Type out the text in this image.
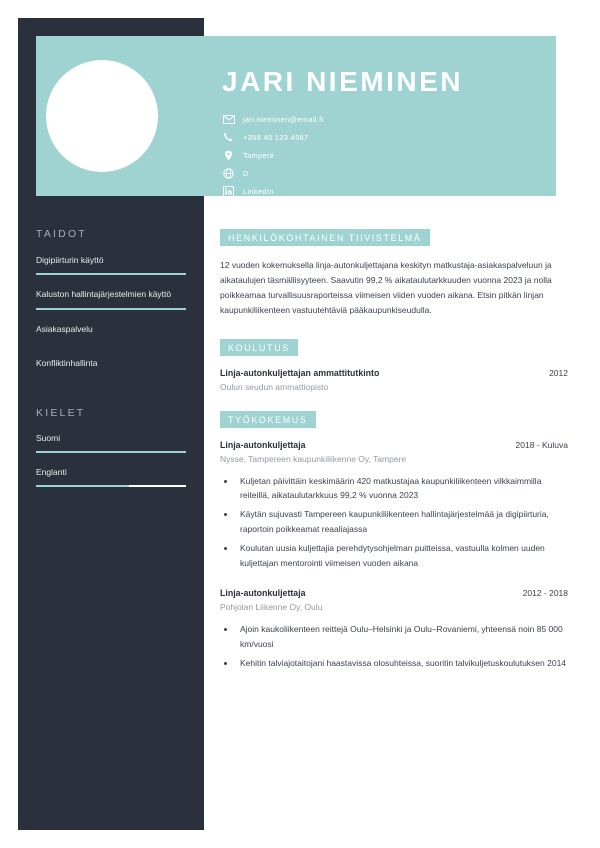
JARI NIEMINEN
jari.nieminen@email.fi
+358 40 123 4567
Tampere
D
LinkedIn
TAIDOT
Digipiirturin käyttö
Kaluston hallintajärjestelmien käyttö
Asiakaspalvelu
Konfliktinhallinta
KIELET
Suomi
Englanti
HENKILÖKOHTAINEN TIIVISTELMÄ
12 vuoden kokemuksella linja-autonkuljettajana keskityn matkustaja-asiakaspalveluun ja aikataulujen täsmällisyyteen. Saavutin 99,2 % aikataulutarkkuuden vuonna 2023 ja nolla poikkeamaa turvallisuusraporteissa viimeisen viiden vuoden aikana. Etsin pitkän linjan kaupunkiliikenteen vastuutehtäviä pääkaupunkiseudulla.
KOULUTUS
Linja-autonkuljettajan ammattitutkinto	2012
Oulun seudun ammattiopisto
TYÖKOKEMUS
Linja-autonkuljettaja	2018 - Kuluva
Nysse, Tampereen kaupunkiliikenne Oy, Tampere
• Kuljetan päivittäin keskimäärin 420 matkustajaa kaupunkiliikenteen vilkkaimmilla reiteillä, aikataulutarkkuus 99,2 % vuonna 2023
• Käytän sujuvasti Tampereen kaupunkiliikenteen hallintajärjestelmää ja digipiirturia, raportoin poikkeamat reaaliajassa
• Koulutan uusia kuljettajia perehdytysohjelman puitteissa, vastuulla kolmen uuden kuljettajan mentorointi viimeisen vuoden aikana
Linja-autonkuljettaja	2012 - 2018
Pohjolan Liikenne Oy, Oulu
• Ajoin kaukoliikenteen reittejä Oulu–Helsinki ja Oulu–Rovaniemi, yhteensä noin 85 000 km/vuosi
• Kehitin talviajotaitojani haastavissa olosuhteissa, suoritin talvikuljetuskoulutuksen 2014
